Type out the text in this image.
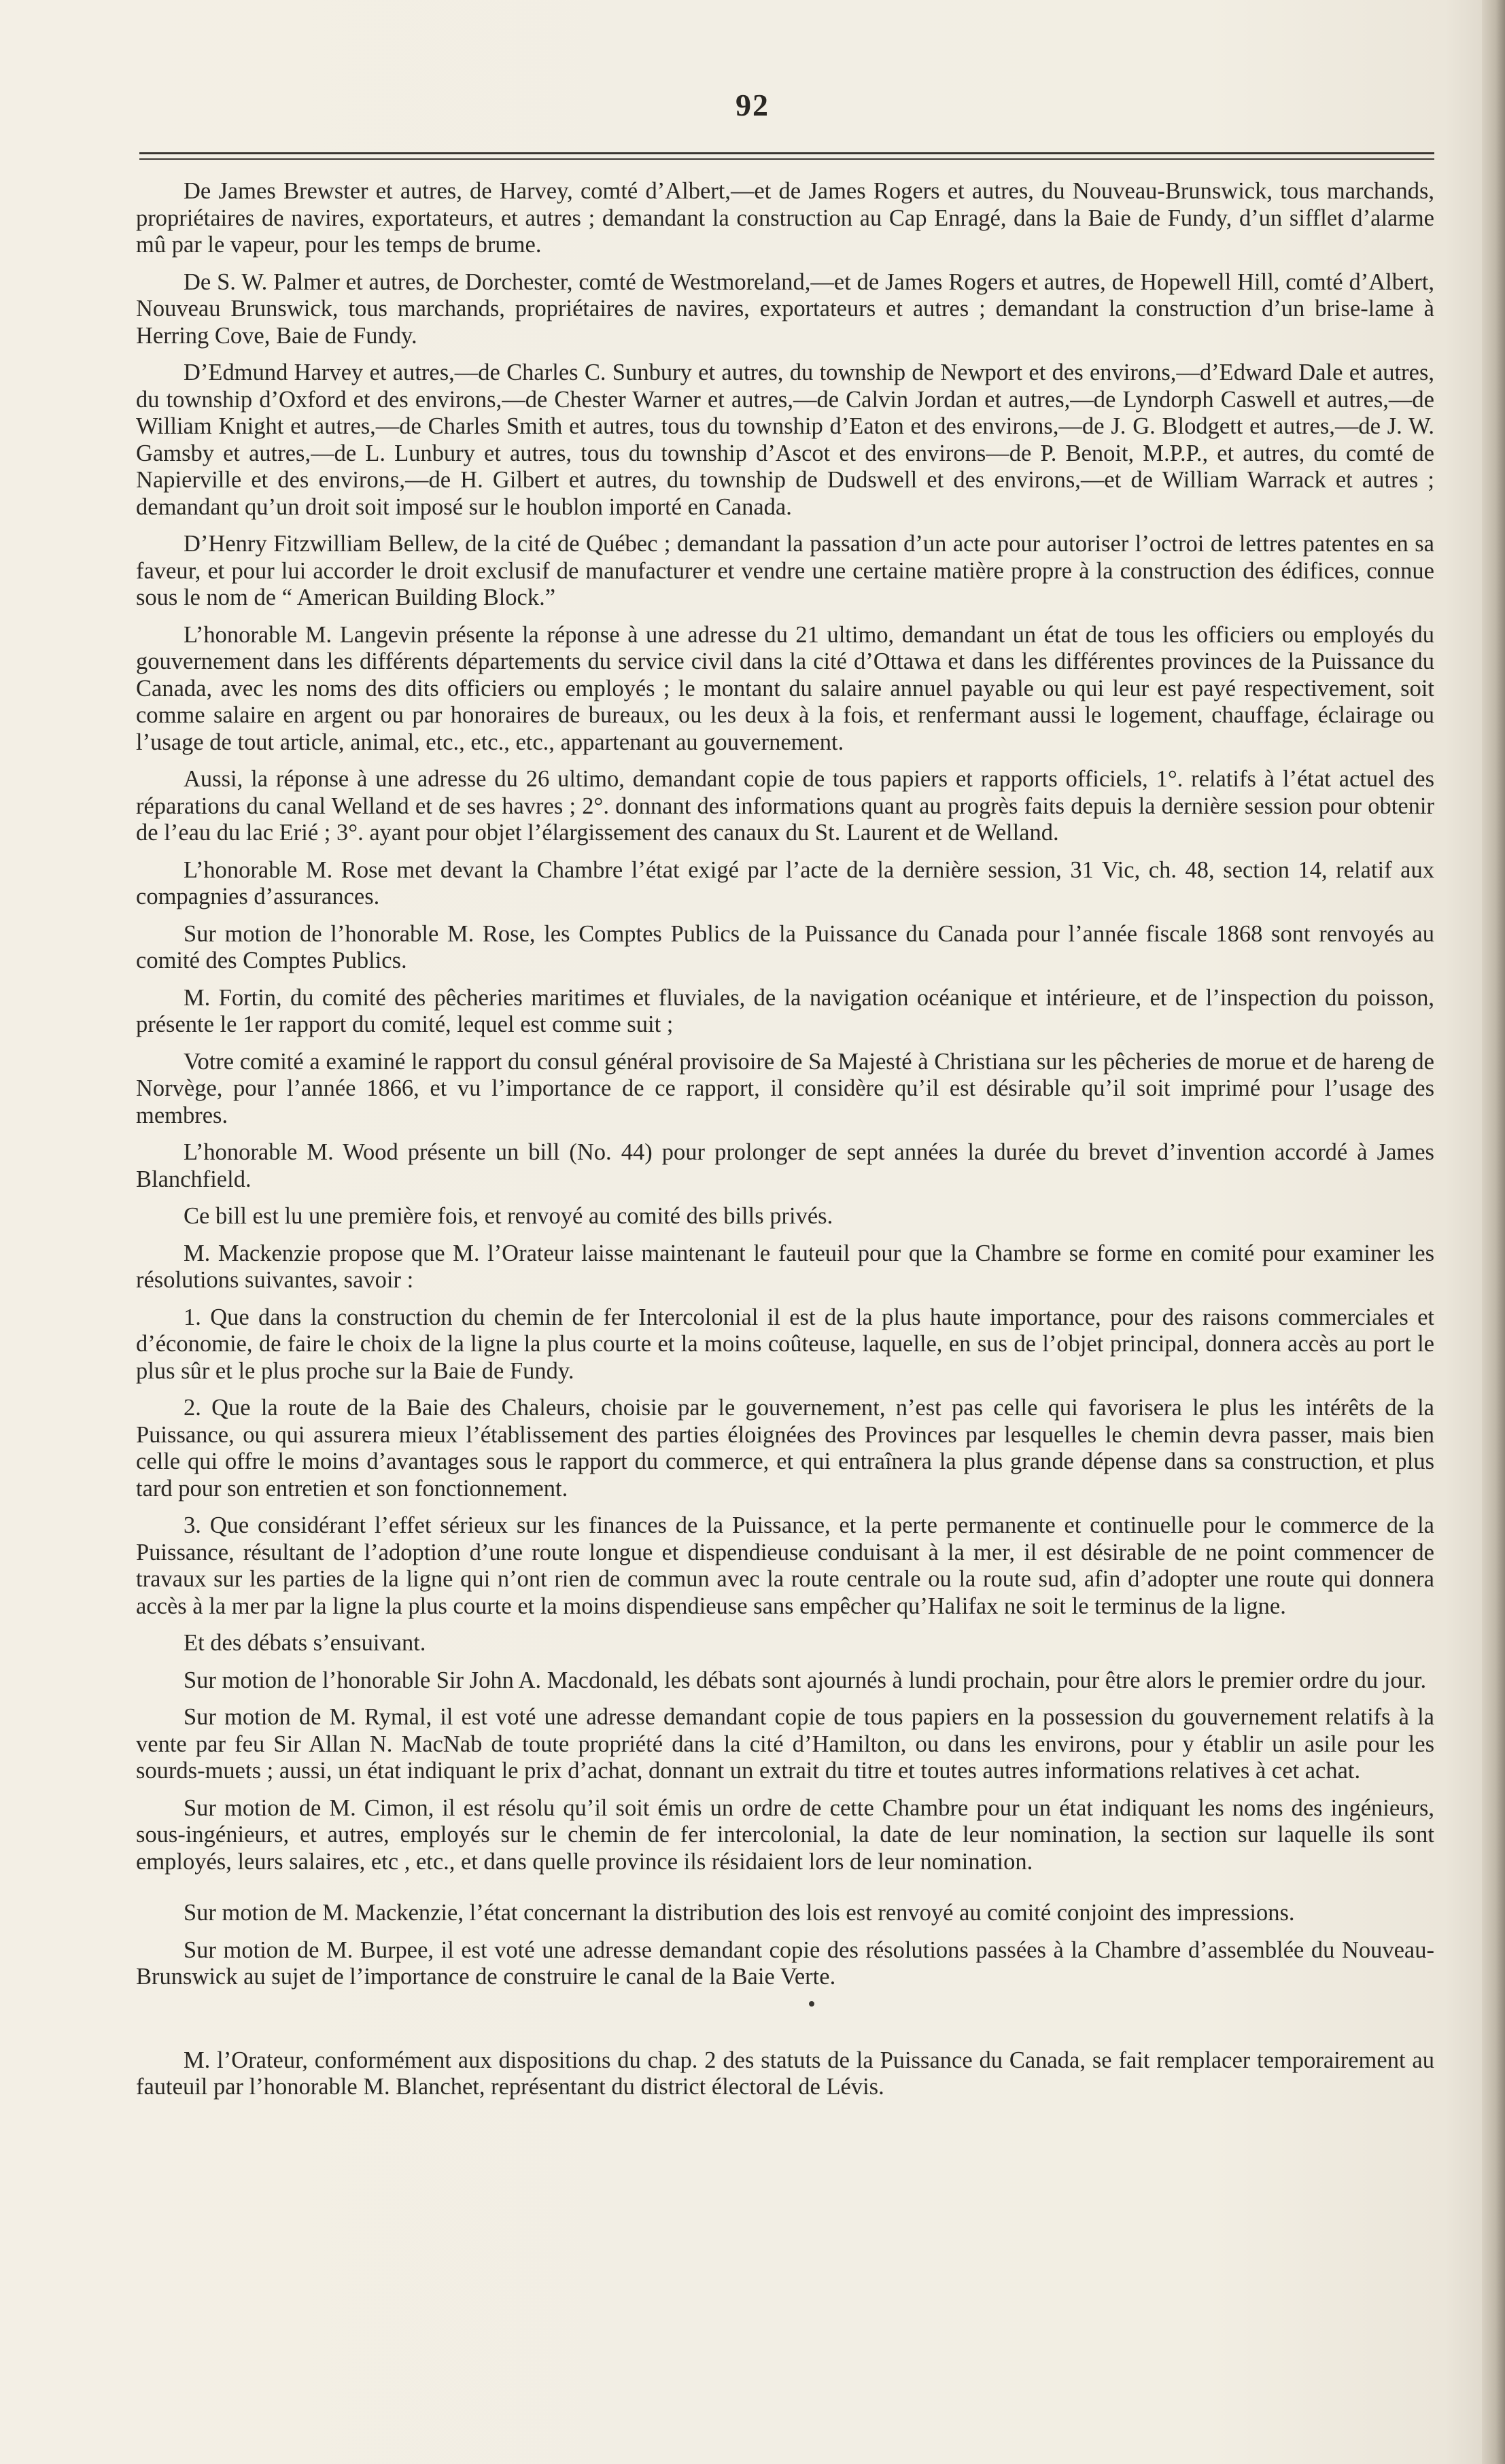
92

De James Brewster et autres, de Harvey, comté d’Albert,—et de James Rogers et autres, du Nouveau-Brunswick, tous marchands, propriétaires de navires, exportateurs, et autres ; demandant la construction au Cap Enragé, dans la Baie de Fundy, d’un sifflet d’alarme mû par le vapeur, pour les temps de brume.

De S. W. Palmer et autres, de Dorchester, comté de Westmoreland,—et de James Rogers et autres, de Hopewell Hill, comté d’Albert, Nouveau Brunswick, tous marchands, propriétaires de navires, exportateurs et autres ; demandant la construction d’un brise-lame à Herring Cove, Baie de Fundy.

D’Edmund Harvey et autres,—de Charles C. Sunbury et autres, du township de Newport et des environs,—d’Edward Dale et autres, du township d’Oxford et des environs,—de Chester Warner et autres,—de Calvin Jordan et autres,—de Lyndorph Caswell et autres,—de William Knight et autres,—de Charles Smith et autres, tous du township d’Eaton et des environs,—de J. G. Blodgett et autres,—de J. W. Gamsby et autres,—de L. Lunbury et autres, tous du township d’Ascot et des environs—de P. Benoit, M.P.P., et autres, du comté de Napierville et des environs,—de H. Gilbert et autres, du township de Dudswell et des environs,—et de William Warrack et autres ; demandant qu’un droit soit imposé sur le houblon importé en Canada.

D’Henry Fitzwilliam Bellew, de la cité de Québec ; demandant la passation d’un acte pour autoriser l’octroi de lettres patentes en sa faveur, et pour lui accorder le droit exclusif de manufacturer et vendre une certaine matière propre à la construction des édifices, connue sous le nom de “ American Building Block.”

L’honorable M. Langevin présente la réponse à une adresse du 21 ultimo, demandant un état de tous les officiers ou employés du gouvernement dans les différents départements du service civil dans la cité d’Ottawa et dans les différentes provinces de la Puissance du Canada, avec les noms des dits officiers ou employés ; le montant du salaire annuel payable ou qui leur est payé respectivement, soit comme salaire en argent ou par honoraires de bureaux, ou les deux à la fois, et renfermant aussi le logement, chauffage, éclairage ou l’usage de tout article, animal, etc., etc., etc., appartenant au gouvernement.

Aussi, la réponse à une adresse du 26 ultimo, demandant copie de tous papiers et rapports officiels, 1°. relatifs à l’état actuel des réparations du canal Welland et de ses havres ; 2°. donnant des informations quant au progrès faits depuis la dernière session pour obtenir de l’eau du lac Erié ; 3°. ayant pour objet l’élargissement des canaux du St. Laurent et de Welland.

L’honorable M. Rose met devant la Chambre l’état exigé par l’acte de la dernière session, 31 Vic, ch. 48, section 14, relatif aux compagnies d’assurances.

Sur motion de l’honorable M. Rose, les Comptes Publics de la Puissance du Canada pour l’année fiscale 1868 sont renvoyés au comité des Comptes Publics.

M. Fortin, du comité des pêcheries maritimes et fluviales, de la navigation océanique et intérieure, et de l’inspection du poisson, présente le 1er rapport du comité, lequel est comme suit ;

Votre comité a examiné le rapport du consul général provisoire de Sa Majesté à Christiana sur les pêcheries de morue et de hareng de Norvège, pour l’année 1866, et vu l’importance de ce rapport, il considère qu’il est désirable qu’il soit imprimé pour l’usage des membres.

L’honorable M. Wood présente un bill (No. 44) pour prolonger de sept années la durée du brevet d’invention accordé à James Blanchfield.

Ce bill est lu une première fois, et renvoyé au comité des bills privés.

M. Mackenzie propose que M. l’Orateur laisse maintenant le fauteuil pour que la Chambre se forme en comité pour examiner les résolutions suivantes, savoir :

1. Que dans la construction du chemin de fer Intercolonial il est de la plus haute importance, pour des raisons commerciales et d’économie, de faire le choix de la ligne la plus courte et la moins coûteuse, laquelle, en sus de l’objet principal, donnera accès au port le plus sûr et le plus proche sur la Baie de Fundy.

2. Que la route de la Baie des Chaleurs, choisie par le gouvernement, n’est pas celle qui favorisera le plus les intérêts de la Puissance, ou qui assurera mieux l’établissement des parties éloignées des Provinces par lesquelles le chemin devra passer, mais bien celle qui offre le moins d’avantages sous le rapport du commerce, et qui entraînera la plus grande dépense dans sa construction, et plus tard pour son entretien et son fonctionnement.

3. Que considérant l’effet sérieux sur les finances de la Puissance, et la perte permanente et continuelle pour le commerce de la Puissance, résultant de l’adoption d’une route longue et dispendieuse conduisant à la mer, il est désirable de ne point commencer de travaux sur les parties de la ligne qui n’ont rien de commun avec la route centrale ou la route sud, afin d’adopter une route qui donnera accès à la mer par la ligne la plus courte et la moins dispendieuse sans empêcher qu’Halifax ne soit le terminus de la ligne.

Et des débats s’ensuivant.

Sur motion de l’honorable Sir John A. Macdonald, les débats sont ajournés à lundi prochain, pour être alors le premier ordre du jour.

Sur motion de M. Rymal, il est voté une adresse demandant copie de tous papiers en la possession du gouvernement relatifs à la vente par feu Sir Allan N. MacNab de toute propriété dans la cité d’Hamilton, ou dans les environs, pour y établir un asile pour les sourds-muets ; aussi, un état indiquant le prix d’achat, donnant un extrait du titre et toutes autres informations relatives à cet achat.

Sur motion de M. Cimon, il est résolu qu’il soit émis un ordre de cette Chambre pour un état indiquant les noms des ingénieurs, sous-ingénieurs, et autres, employés sur le chemin de fer intercolonial, la date de leur nomination, la section sur laquelle ils sont employés, leurs salaires, etc , etc., et dans quelle province ils résidaient lors de leur nomination.

Sur motion de M. Mackenzie, l’état concernant la distribution des lois est renvoyé au comité conjoint des impressions.

Sur motion de M. Burpee, il est voté une adresse demandant copie des résolutions passées à la Chambre d’assemblée du Nouveau-Brunswick au sujet de l’importance de construire le canal de la Baie Verte.

M. l’Orateur, conformément aux dispositions du chap. 2 des statuts de la Puissance du Canada, se fait remplacer temporairement au fauteuil par l’honorable M. Blanchet, représentant du district électoral de Lévis.
